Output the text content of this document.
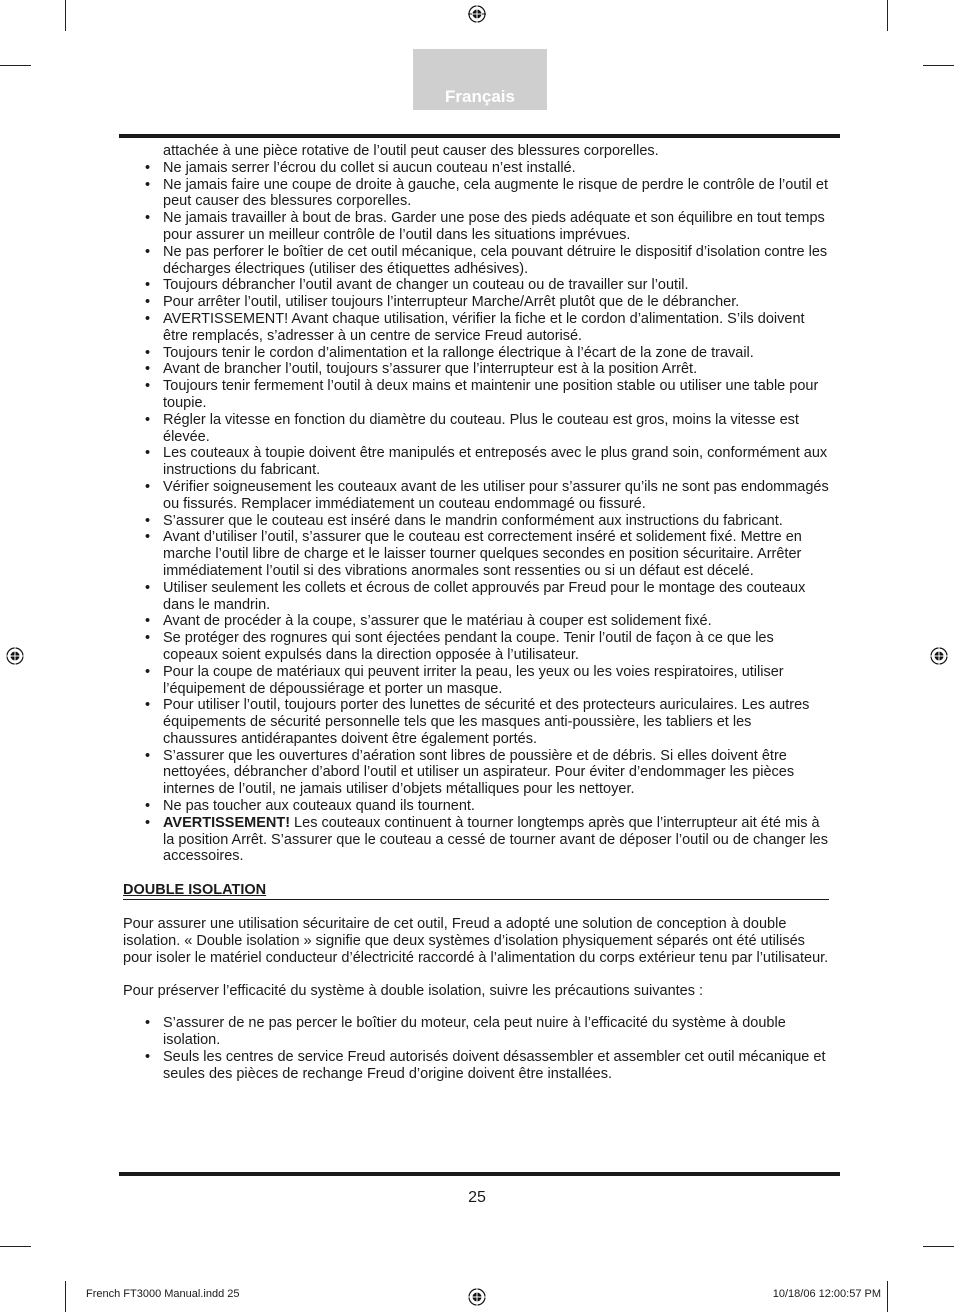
Français

attachée à une pièce rotative de l’outil peut causer des blessures corporelles.

• Ne jamais serrer l’écrou du collet si aucun couteau n’est installé.
• Ne jamais faire une coupe de droite à gauche, cela augmente le risque de perdre le contrôle de l’outil et peut causer des blessures corporelles.
• Ne jamais travailler à bout de bras. Garder une pose des pieds adéquate et son équilibre en tout temps pour assurer un meilleur contrôle de l’outil dans les situations imprévues.
• Ne pas perforer le boîtier de cet outil mécanique, cela pouvant détruire le dispositif d’isolation contre les décharges électriques (utiliser des étiquettes adhésives).
• Toujours débrancher l’outil avant de changer un couteau ou de travailler sur l’outil.
• Pour arrêter l’outil, utiliser toujours l’interrupteur Marche/Arrêt plutôt que de le débrancher.
• AVERTISSEMENT! Avant chaque utilisation, vérifier la fiche et le cordon d’alimentation. S’ils doivent être remplacés, s’adresser à un centre de service Freud autorisé.
• Toujours tenir le cordon d’alimentation et la rallonge électrique à l’écart de la zone de travail.
• Avant de brancher l’outil, toujours s’assurer que l’interrupteur est à la position Arrêt.
• Toujours tenir fermement l’outil à deux mains et maintenir une position stable ou utiliser une table pour toupie.
• Régler la vitesse en fonction du diamètre du couteau. Plus le couteau est gros, moins la vitesse est élevée.
• Les couteaux à toupie doivent être manipulés et entreposés avec le plus grand soin, conformément aux instructions du fabricant.
• Vérifier soigneusement les couteaux avant de les utiliser pour s’assurer qu’ils ne sont pas endommagés ou fissurés. Remplacer immédiatement un couteau endommagé ou fissuré.
• S’assurer que le couteau est inséré dans le mandrin conformément aux instructions du fabricant.
• Avant d’utiliser l’outil, s’assurer que le couteau est correctement inséré et solidement fixé. Mettre en marche l’outil libre de charge et le laisser tourner quelques secondes en position sécuritaire. Arrêter immédiatement l’outil si des vibrations anormales sont ressenties ou si un défaut est décelé.
• Utiliser seulement les collets et écrous de collet approuvés par Freud pour le montage des couteaux dans le mandrin.
• Avant de procéder à la coupe, s’assurer que le matériau à couper est solidement fixé.
• Se protéger des rognures qui sont éjectées pendant la coupe. Tenir l’outil de façon à ce que les copeaux soient expulsés dans la direction opposée à l’utilisateur.
• Pour la coupe de matériaux qui peuvent irriter la peau, les yeux ou les voies respiratoires, utiliser l’équipement de dépoussiérage et porter un masque.
• Pour utiliser l’outil, toujours porter des lunettes de sécurité et des protecteurs auriculaires. Les autres équipements de sécurité personnelle tels que les masques anti-poussière, les tabliers et les chaussures antidérapantes doivent être également portés.
• S’assurer que les ouvertures d’aération sont libres de poussière et de débris. Si elles doivent être nettoyées, débrancher d’abord l’outil et utiliser un aspirateur. Pour éviter d’endommager les pièces internes de l’outil, ne jamais utiliser d’objets métalliques pour les nettoyer.
• Ne pas toucher aux couteaux quand ils tournent.
• AVERTISSEMENT! Les couteaux continuent à tourner longtemps après que l’interrupteur ait été mis à la position Arrêt. S’assurer que le couteau a cessé de tourner avant de déposer l’outil ou de changer les accessoires.
DOUBLE ISOLATION

Pour assurer une utilisation sécuritaire de cet outil, Freud a adopté une solution de conception à double isolation. « Double isolation » signifie que deux systèmes d’isolation physiquement séparés ont été utilisés pour isoler le matériel conducteur d’électricité raccordé à l’alimentation du corps extérieur tenu par l’utilisateur.

Pour préserver l’efficacité du système à double isolation, suivre les précautions suivantes :

• S’assurer de ne pas percer le boîtier du moteur, cela peut nuire à l’efficacité du système à double isolation.
• Seuls les centres de service Freud autorisés doivent désassembler et assembler cet outil mécanique et seules des pièces de rechange Freud d’origine doivent être installées.
25
French FT3000 Manual.indd 25	10/18/06 12:00:57 PM
